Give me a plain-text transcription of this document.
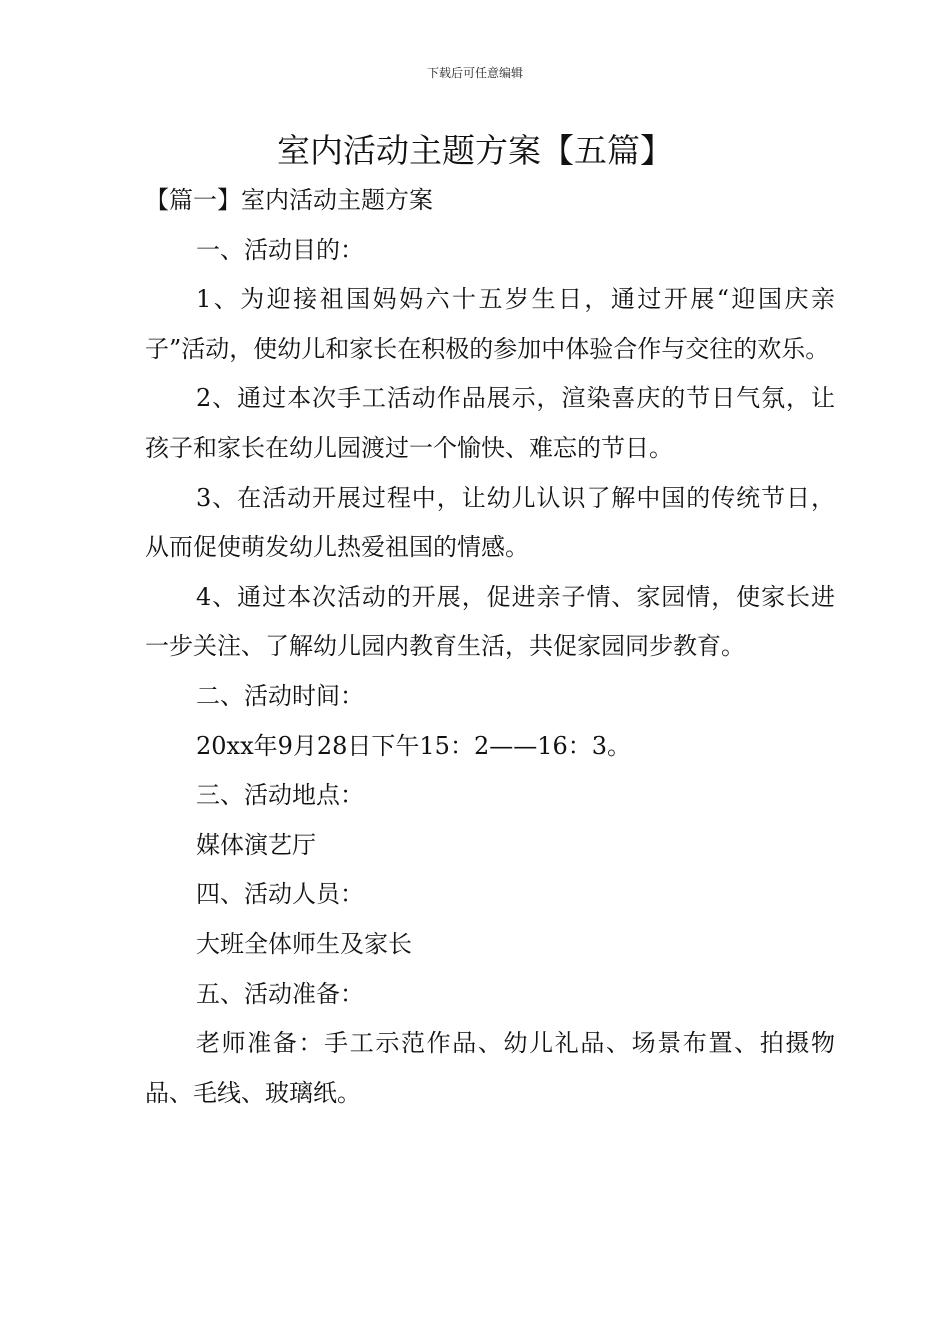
下载后可任意编辑
室内活动主题方案【五篇】

【篇一】室内活动主题方案

一、活动目的：

1、为迎接祖国妈妈六十五岁生日，通过开展“迎国庆亲子”活动，使幼儿和家长在积极的参加中体验合作与交往的欢乐。

2、通过本次手工活动作品展示，渲染喜庆的节日气氛，让孩子和家长在幼儿园渡过一个愉快、难忘的节日。

3、在活动开展过程中，让幼儿认识了解中国的传统节日，从而促使萌发幼儿热爱祖国的情感。

4、通过本次活动的开展，促进亲子情、家园情，使家长进一步关注、了解幼儿园内教育生活，共促家园同步教育。

二、活动时间：

20xx年9月28日下午15：2——16：3。

三、活动地点：

媒体演艺厅

四、活动人员：

大班全体师生及家长

五、活动准备：

老师准备：手工示范作品、幼儿礼品、场景布置、拍摄物品、毛线、玻璃纸。
